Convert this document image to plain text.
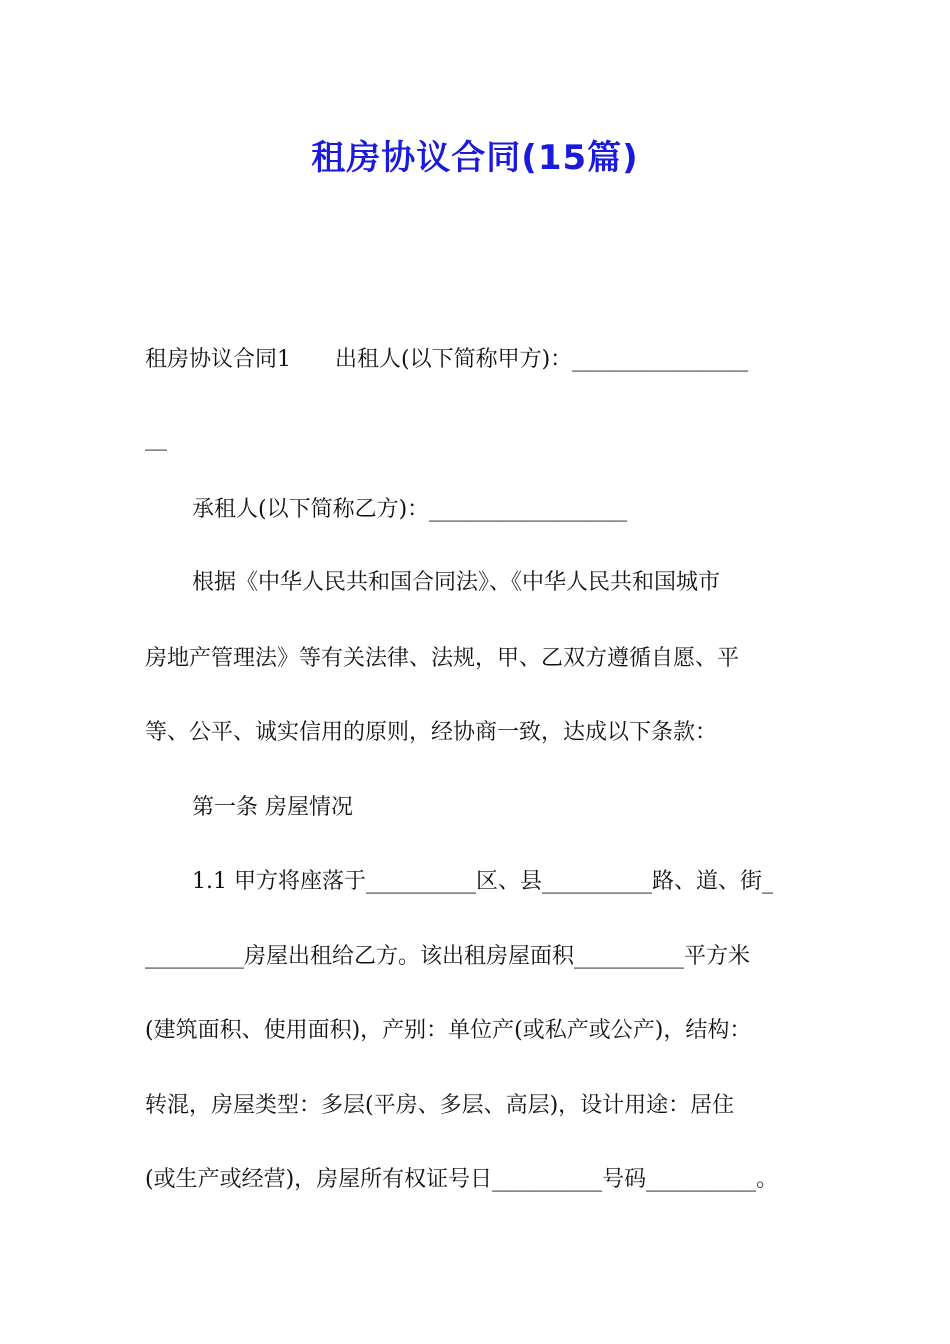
租房协议合同(15篇)

租房协议合同1 出租人(以下简称甲方)：________________

__

承租人(以下简称乙方)：__________________

根据《中华人民共和国合同法》、《中华人民共和国城市

房地产管理法》等有关法律、法规，甲、乙双方遵循自愿、平

等、公平、诚实信用的原则，经协商一致，达成以下条款：

第一条 房屋情况

1.1 甲方将座落于__________区、县__________路、道、街_

_________房屋出租给乙方。该出租房屋面积__________平方米

(建筑面积、使用面积)，产别：单位产(或私产或公产)，结构：

转混，房屋类型：多层(平房、多层、高层)，设计用途：居住

(或生产或经营)，房屋所有权证号日__________号码__________。
